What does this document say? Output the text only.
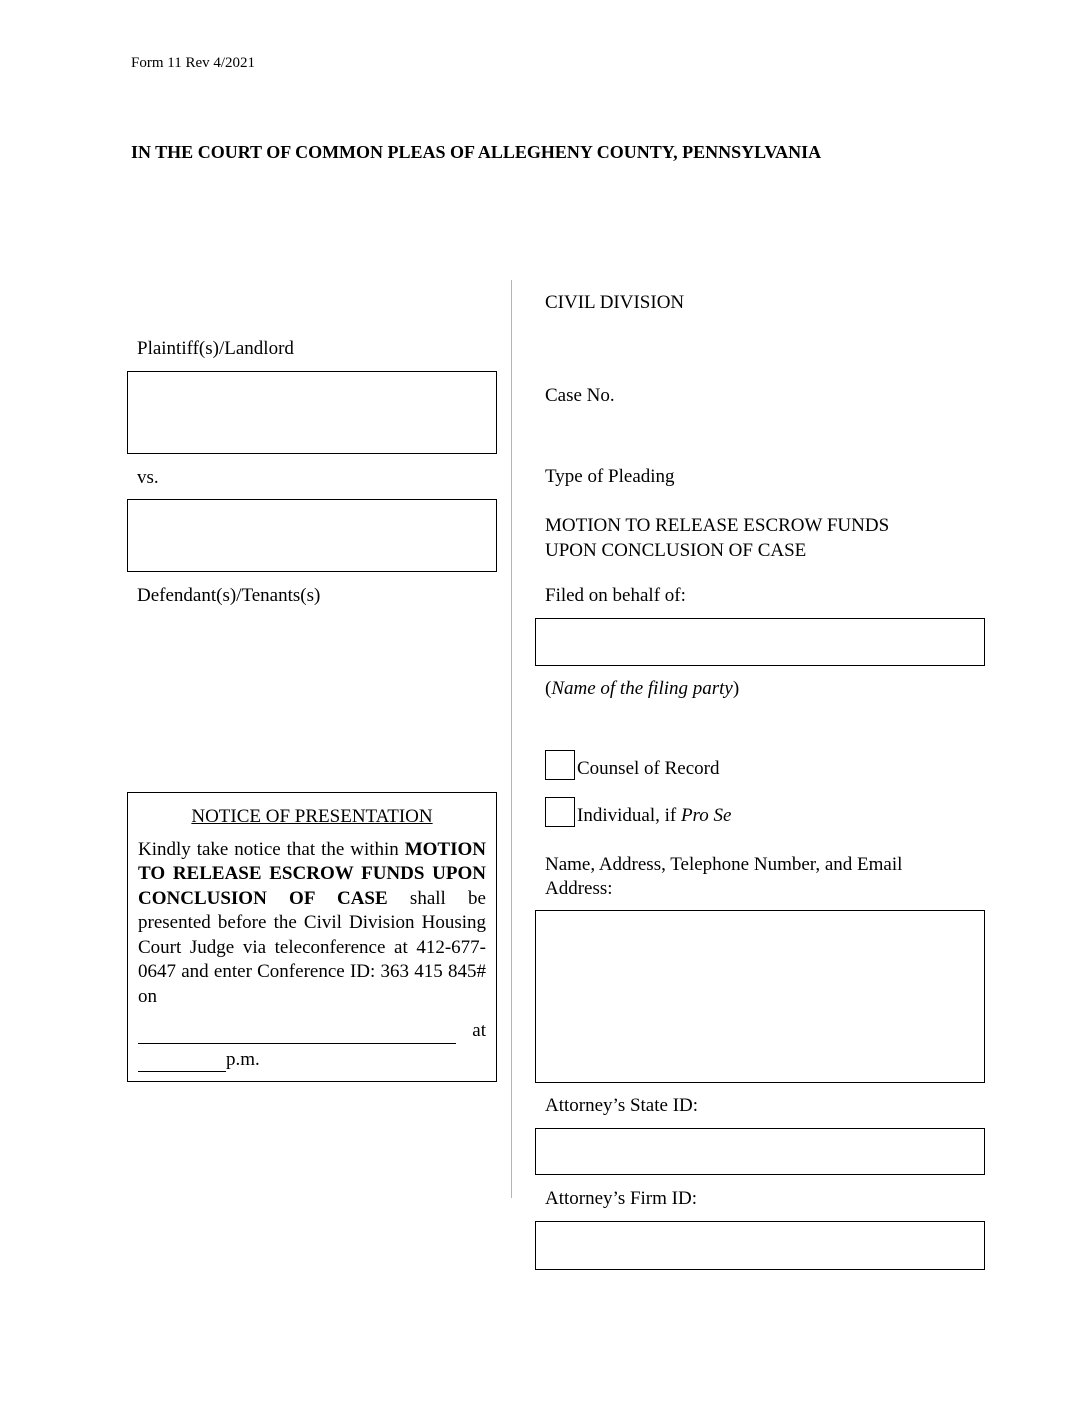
Form 11 Rev 4/2021
IN THE COURT OF COMMON PLEAS OF ALLEGHENY COUNTY, PENNSYLVANIA
Plaintiff(s)/Landlord
vs.
Defendant(s)/Tenants(s)
NOTICE OF PRESENTATION
Kindly take notice that the within MOTION TO RELEASE ESCROW FUNDS UPON CONCLUSION OF CASE shall be presented before the Civil Division Housing Court Judge via teleconference at 412-677-0647 and enter Conference ID: 363 415 845# on
at
p.m.
CIVIL DIVISION
Case No.
Type of Pleading
MOTION TO RELEASE ESCROW FUNDS
UPON CONCLUSION OF CASE
Filed on behalf of:
(Name of the filing party)
Counsel of Record
Individual, if Pro Se
Name, Address, Telephone Number, and Email
Address:
Attorney’s State ID:
Attorney’s Firm ID:
